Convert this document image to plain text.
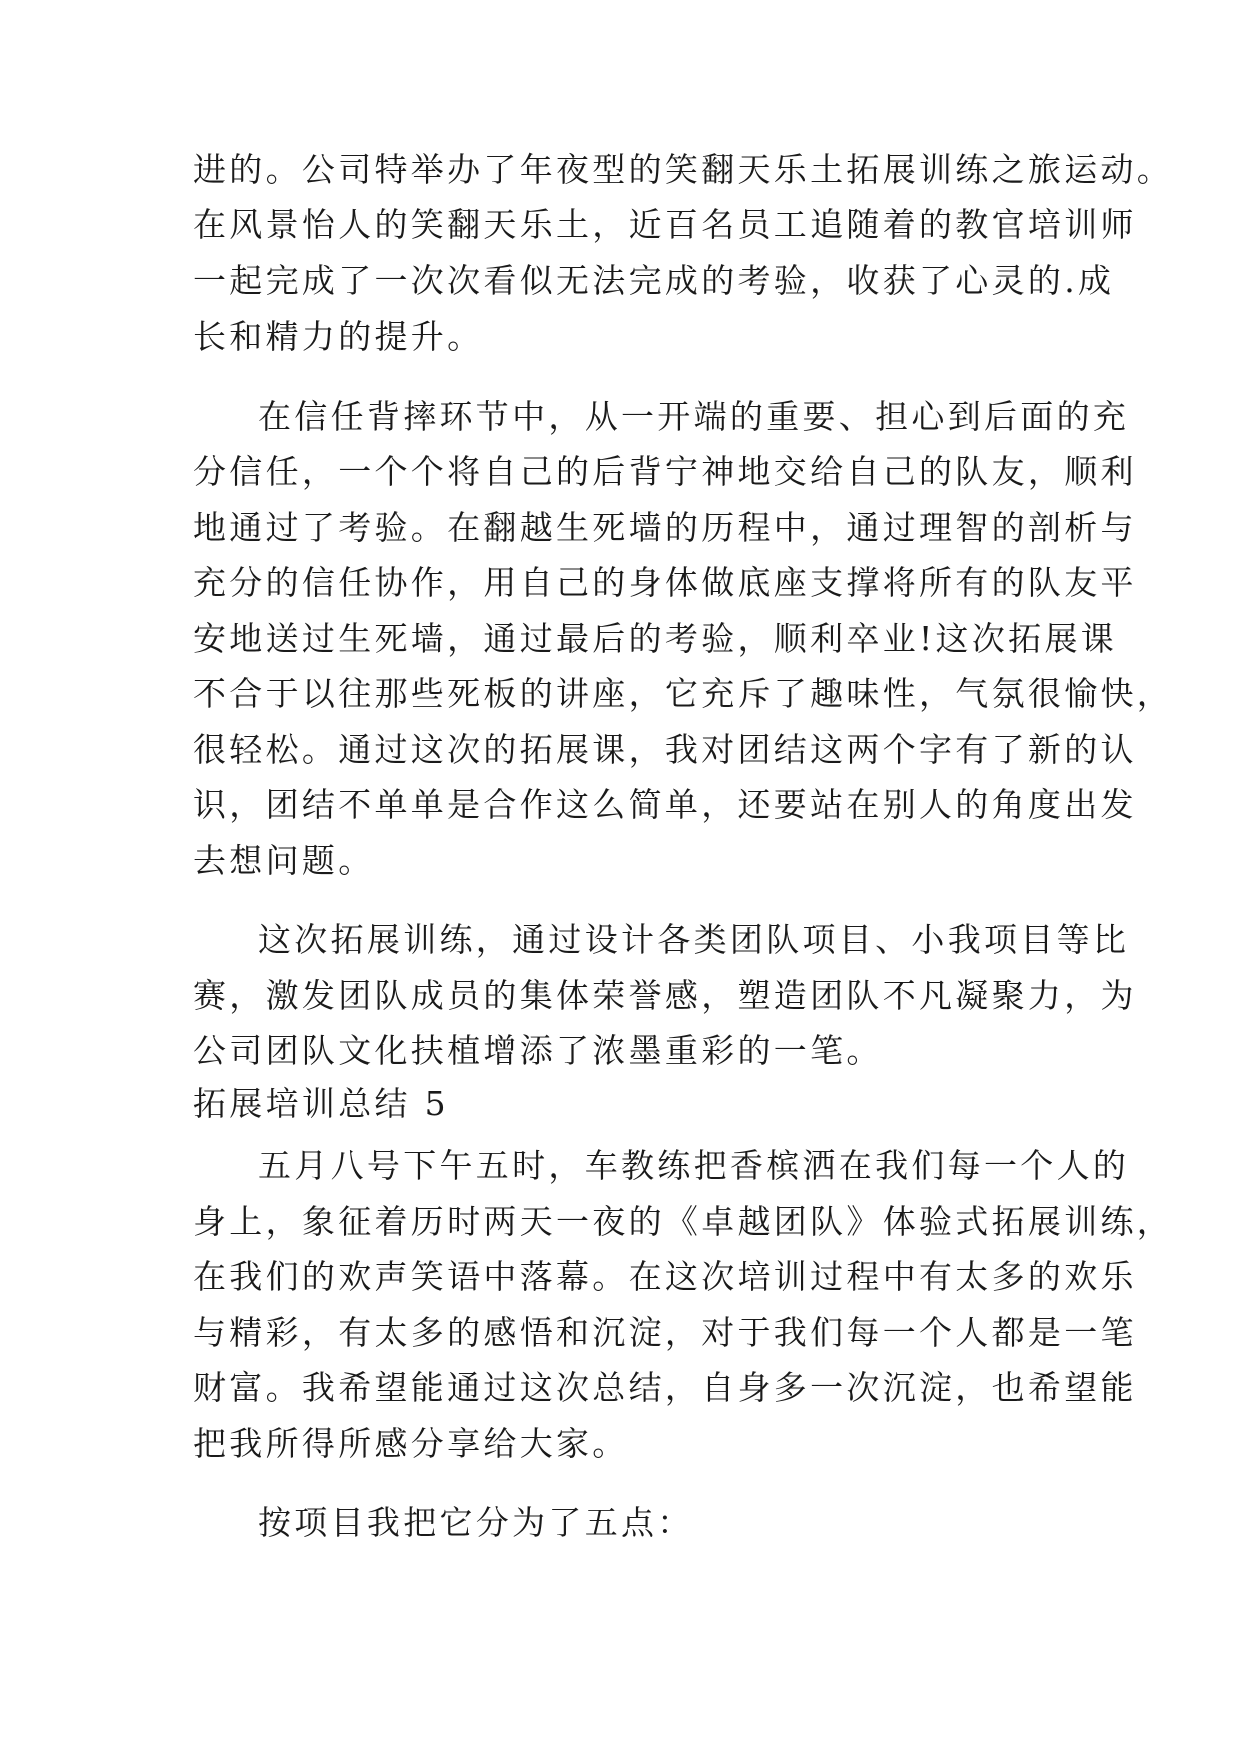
进的。公司特举办了年夜型的笑翻天乐土拓展训练之旅运动。
在风景怡人的笑翻天乐土，近百名员工追随着的教官培训师
一起完成了一次次看似无法完成的考验，收获了心灵的.成
长和精力的提升。
在信任背摔环节中，从一开端的重要、担心到后面的充
分信任，一个个将自己的后背宁神地交给自己的队友，顺利
地通过了考验。在翻越生死墙的历程中，通过理智的剖析与
充分的信任协作，用自己的身体做底座支撑将所有的队友平
安地送过生死墙，通过最后的考验，顺利卒业!这次拓展课
不合于以往那些死板的讲座，它充斥了趣味性，气氛很愉快，
很轻松。通过这次的拓展课，我对团结这两个字有了新的认
识，团结不单单是合作这么简单，还要站在别人的角度出发
去想问题。
这次拓展训练，通过设计各类团队项目、小我项目等比
赛，激发团队成员的集体荣誉感，塑造团队不凡凝聚力，为
公司团队文化扶植增添了浓墨重彩的一笔。
拓展培训总结 5
五月八号下午五时，车教练把香槟洒在我们每一个人的
身上，象征着历时两天一夜的《卓越团队》体验式拓展训练，
在我们的欢声笑语中落幕。在这次培训过程中有太多的欢乐
与精彩，有太多的感悟和沉淀，对于我们每一个人都是一笔
财富。我希望能通过这次总结，自身多一次沉淀，也希望能
把我所得所感分享给大家。
按项目我把它分为了五点：
